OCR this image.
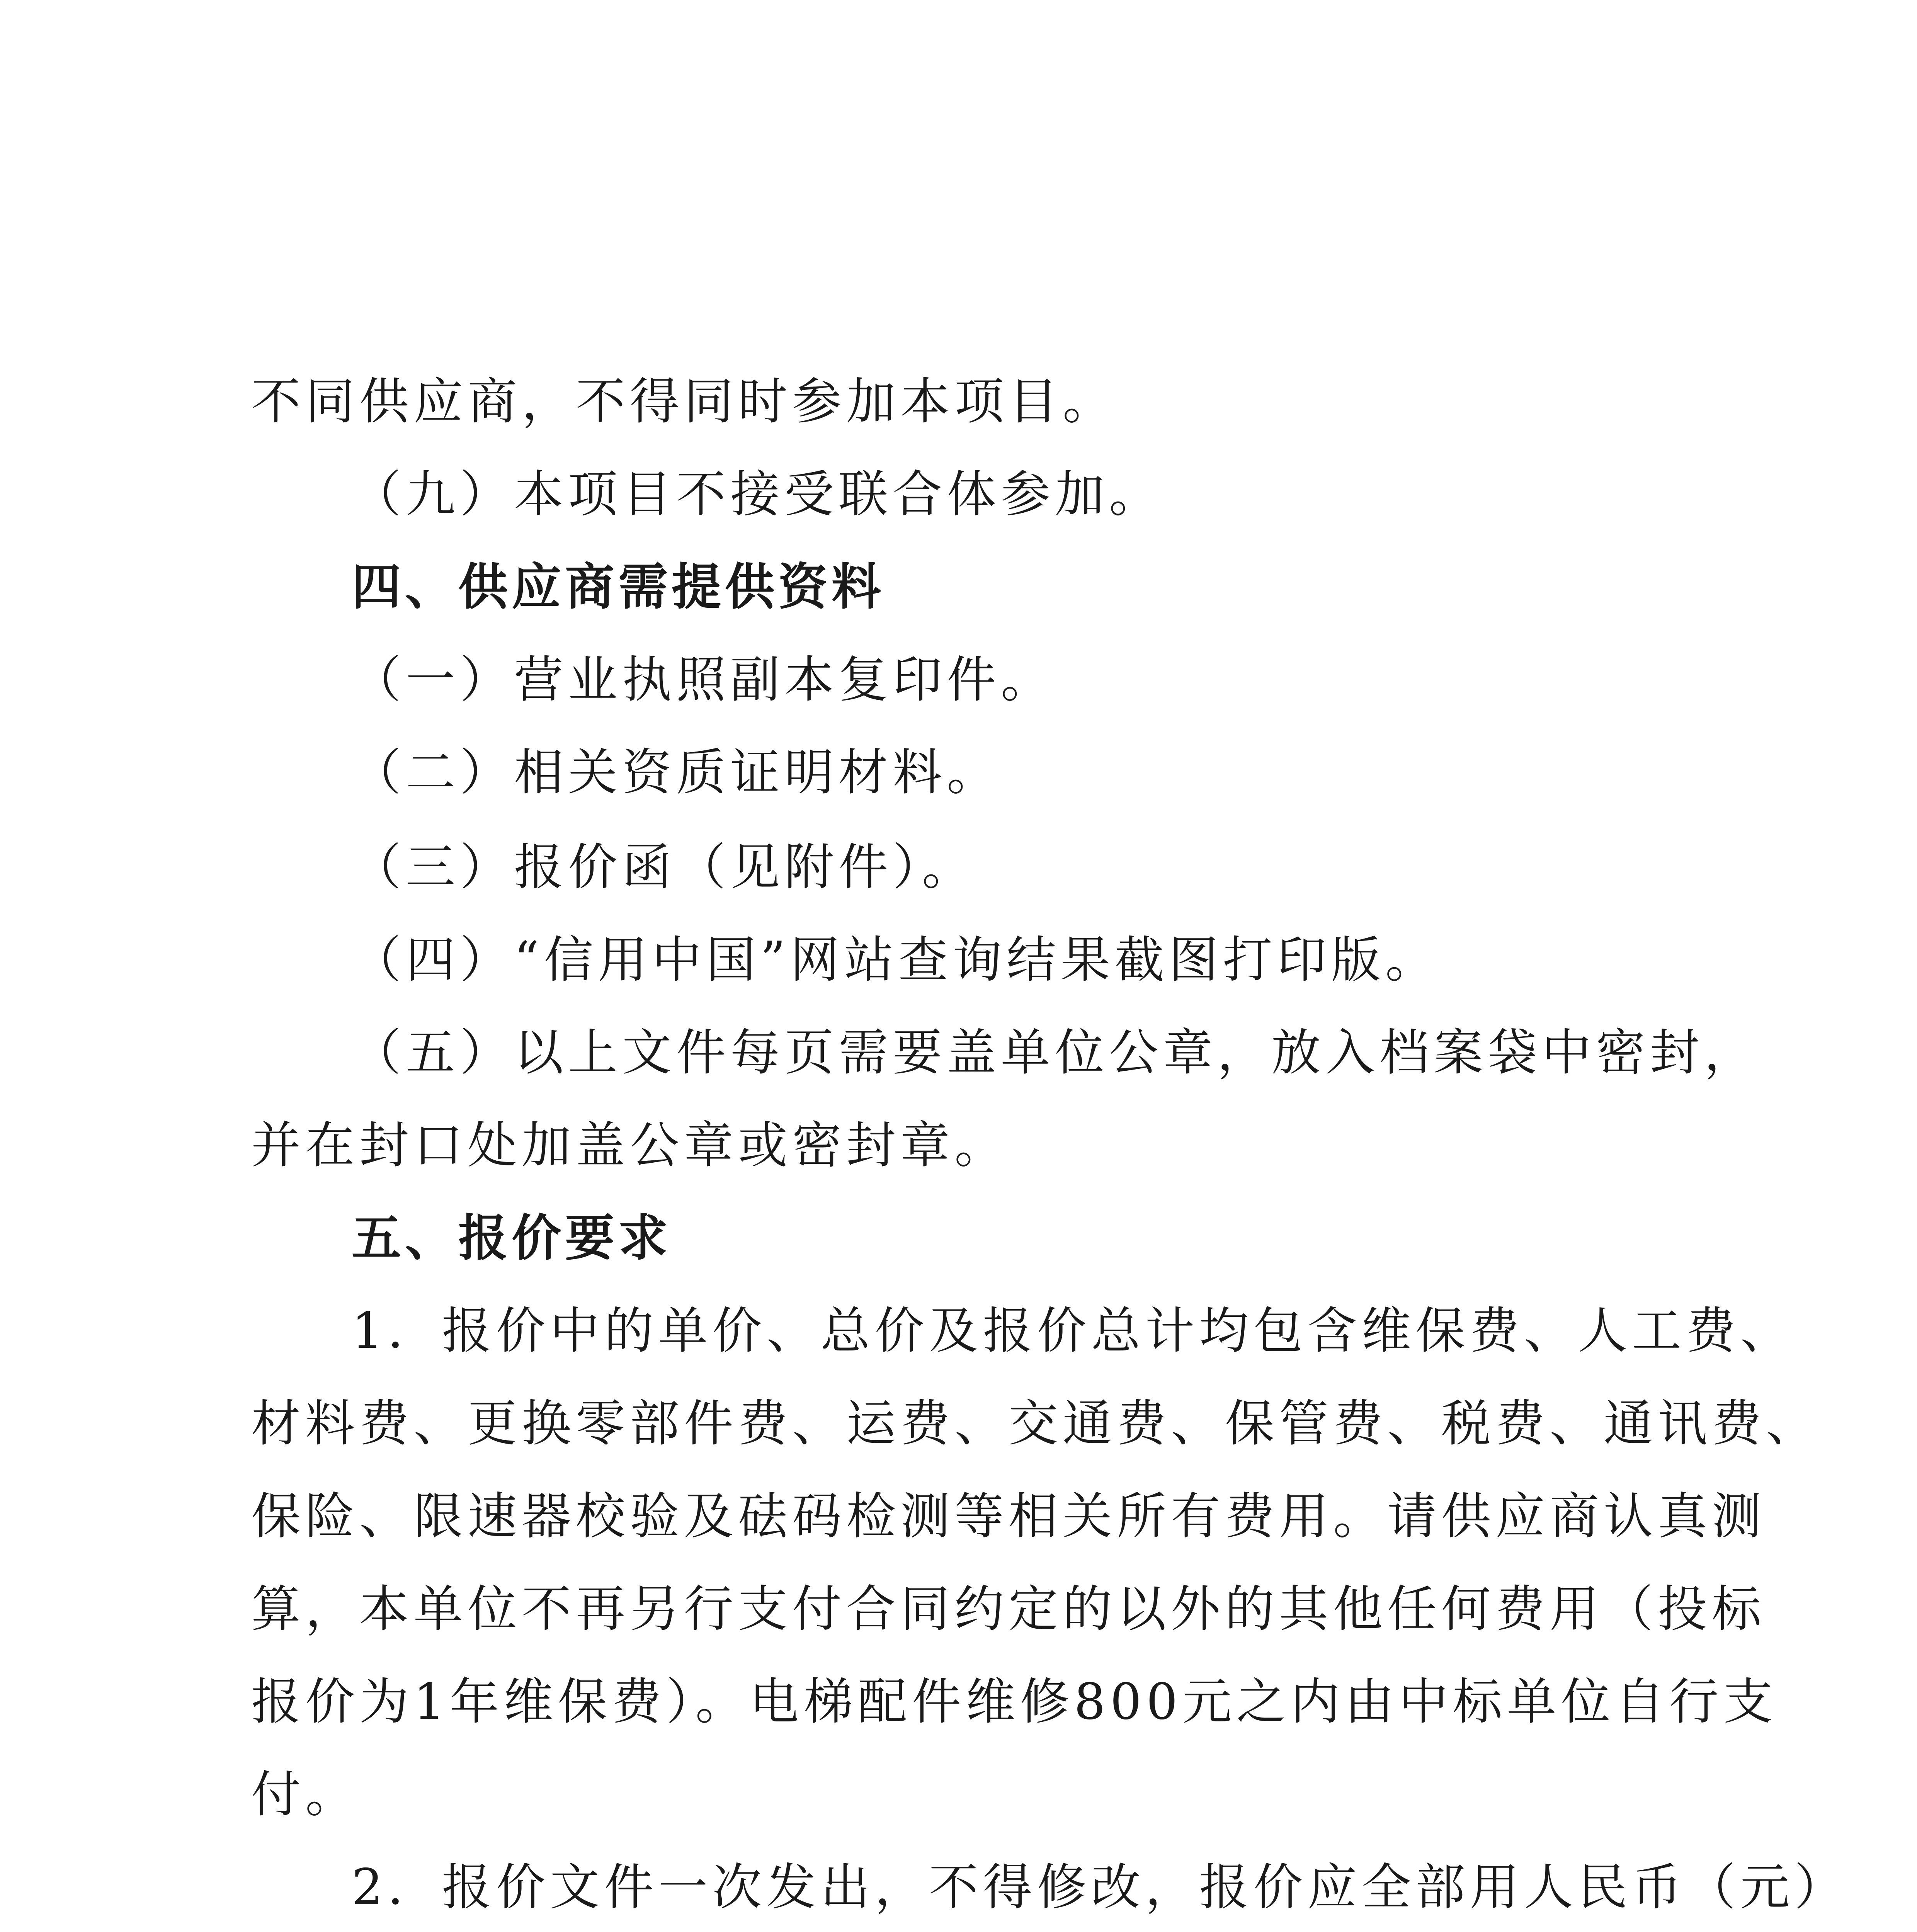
不同供应商，不得同时参加本项目。
（九）本项目不接受联合体参加。
四、供应商需提供资料
（一）营业执照副本复印件。
（二）相关资质证明材料。
（三）报价函（见附件）。
（四）“信用中国”网站查询结果截图打印版。
（五）以上文件每页需要盖单位公章，放入档案袋中密封，
并在封口处加盖公章或密封章。
五、报价要求
1．报价中的单价、总价及报价总计均包含维保费、人工费、
材料费、更换零部件费、运费、交通费、保管费、税费、通讯费、
保险、限速器校验及砝码检测等相关所有费用。请供应商认真测
算，本单位不再另行支付合同约定的以外的其他任何费用（投标
报价为1年维保费）。电梯配件维修800元之内由中标单位自行支
付。
2．报价文件一次发出，不得修改，报价应全部用人民币（元）
